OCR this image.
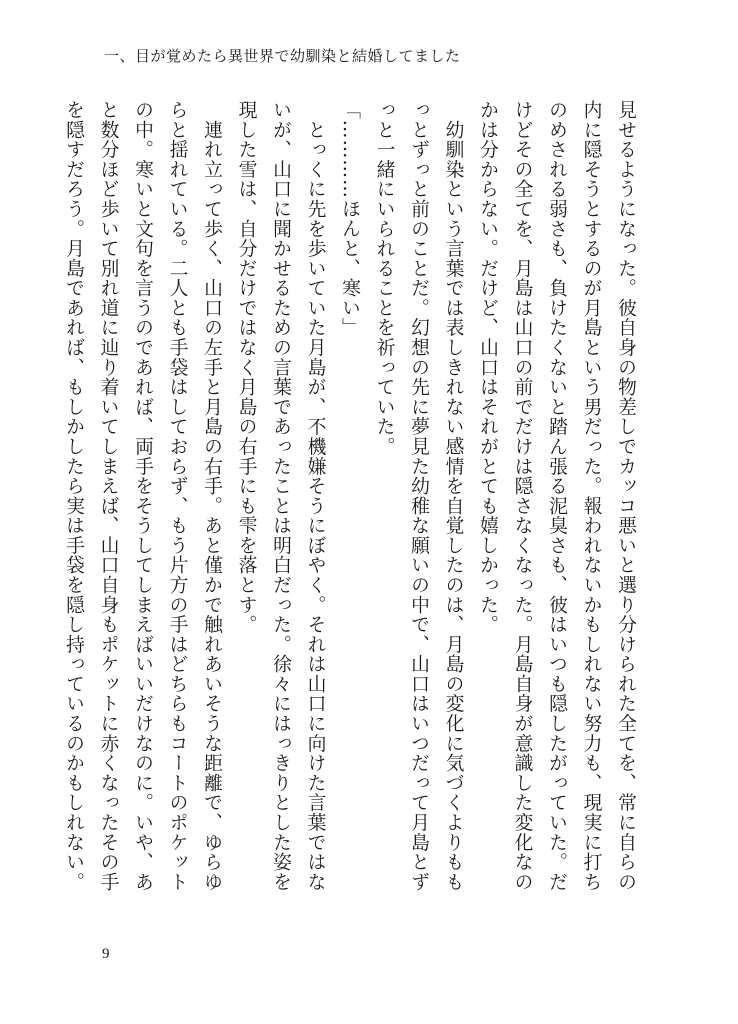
一、目が覚めたら異世界で幼馴染と結婚してました
見せるようになった。彼自身の物差しでカッコ悪いと選り分けられた全てを、常に自らの
内に隠そうとするのが月島という男だった。報われないかもしれない努力も、現実に打ち
のめされる弱さも、負けたくないと踏ん張る泥臭さも、彼はいつも隠したがっていた。だ
けどその全てを、月島は山口の前でだけは隠さなくなった。月島自身が意識した変化なの
かは分からない。だけど、山口はそれがとても嬉しかった。
　幼馴染という言葉では表しきれない感情を自覚したのは、月島の変化に気づくよりもも
っとずっと前のことだ。幻想の先に夢見た幼稚な願いの中で、山口はいつだって月島とず
っと一緒にいられることを祈っていた。
「…………ほんと、寒い」
　とっくに先を歩いていた月島が、不機嫌そうにぼやく。それは山口に向けた言葉ではな
いが、山口に聞かせるための言葉であったことは明白だった。徐々にはっきりとした姿を
現した雪は、自分だけではなく月島の右手にも雫を落とす。
　連れ立って歩く、山口の左手と月島の右手。あと僅かで触れあいそうな距離で、ゆらゆ
らと揺れている。二人とも手袋はしておらず、もう片方の手はどちらもコートのポケット
の中。寒いと文句を言うのであれば、両手をそうしてしまえばいいだけなのに。いや、あ
と数分ほど歩いて別れ道に辿り着いてしまえば、山口自身もポケットに赤くなったその手
を隠すだろう。月島であれば、もしかしたら実は手袋を隠し持っているのかもしれない。
9
